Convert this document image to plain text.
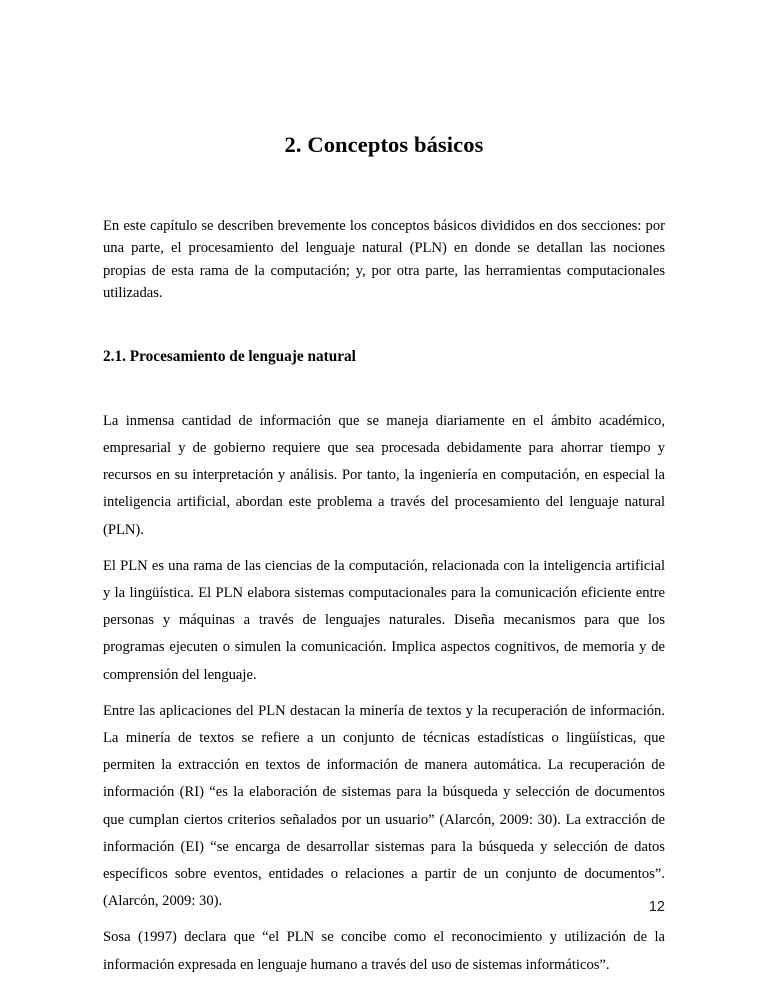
2. Conceptos básicos

En este capítulo se describen brevemente los conceptos básicos divididos en dos secciones: por una parte, el procesamiento del lenguaje natural (PLN) en donde se detallan las nociones propias de esta rama de la computación; y, por otra parte, las herramientas computacionales utilizadas.

2.1. Procesamiento de lenguaje natural

La inmensa cantidad de información que se maneja diariamente en el ámbito académico, empresarial y de gobierno requiere que sea procesada debidamente para ahorrar tiempo y recursos en su interpretación y análisis. Por tanto, la ingeniería en computación, en especial la inteligencia artificial, abordan este problema a través del procesamiento del lenguaje natural (PLN).

El PLN es una rama de las ciencias de la computación, relacionada con la inteligencia artificial y la lingüística. El PLN elabora sistemas computacionales para la comunicación eficiente entre personas y máquinas a través de lenguajes naturales. Diseña mecanismos para que los programas ejecuten o simulen la comunicación. Implica aspectos cognitivos, de memoria y de comprensión del lenguaje.

Entre las aplicaciones del PLN destacan la minería de textos y la recuperación de información. La minería de textos se refiere a un conjunto de técnicas estadísticas o lingüísticas, que permiten la extracción en textos de información de manera automática. La recuperación de información (RI) “es la elaboración de sistemas para la búsqueda y selección de documentos que cumplan ciertos criterios señalados por un usuario” (Alarcón, 2009: 30). La extracción de información (EI) “se encarga de desarrollar sistemas para la búsqueda y selección de datos específicos sobre eventos, entidades o relaciones a partir de un conjunto de documentos”. (Alarcón, 2009: 30).

Sosa (1997) declara que “el PLN se concibe como el reconocimiento y utilización de la información expresada en lenguaje humano a través del uso de sistemas informáticos”.

12
